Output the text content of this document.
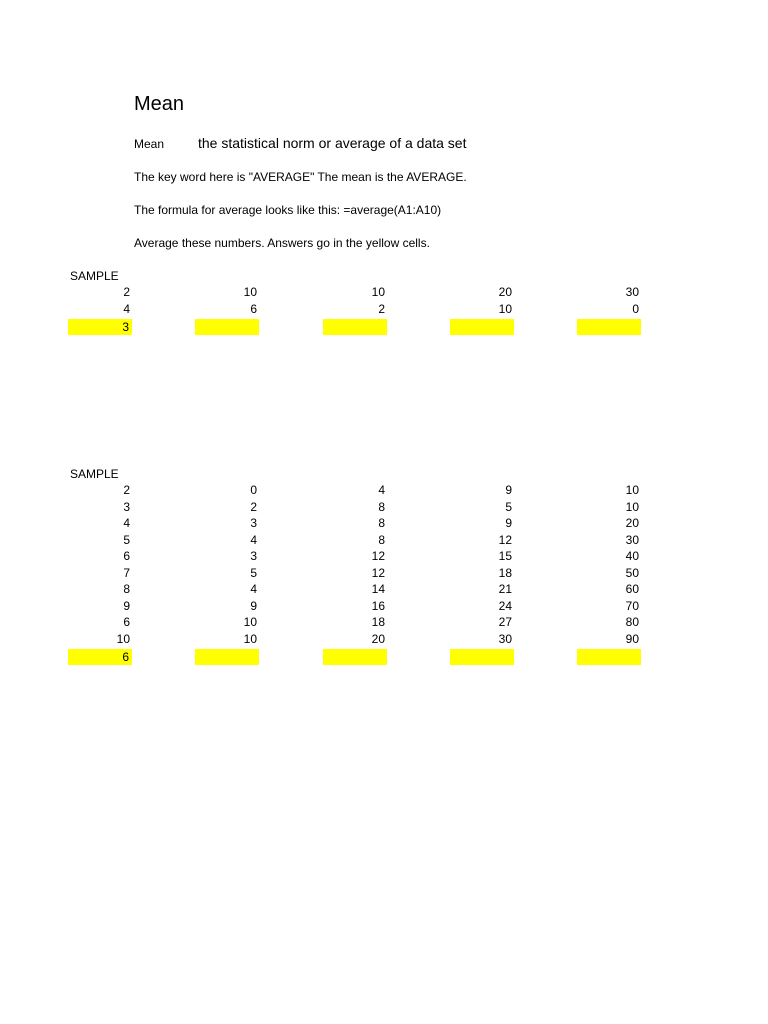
Mean
Mean the statistical norm or average of a data set
The key word here is "AVERAGE" The mean is the AVERAGE.
The formula for average looks like this: =average(A1:A10)
Average these numbers. Answers go in the yellow cells.
SAMPLE
2	10	10	20	30
4	6	2	10	0
3
SAMPLE
2	0	4	9	10
3	2	8	5	10
4	3	8	9	20
5	4	8	12	30
6	3	12	15	40
7	5	12	18	50
8	4	14	21	60
9	9	16	24	70
6	10	18	27	80
10	10	20	30	90
6
